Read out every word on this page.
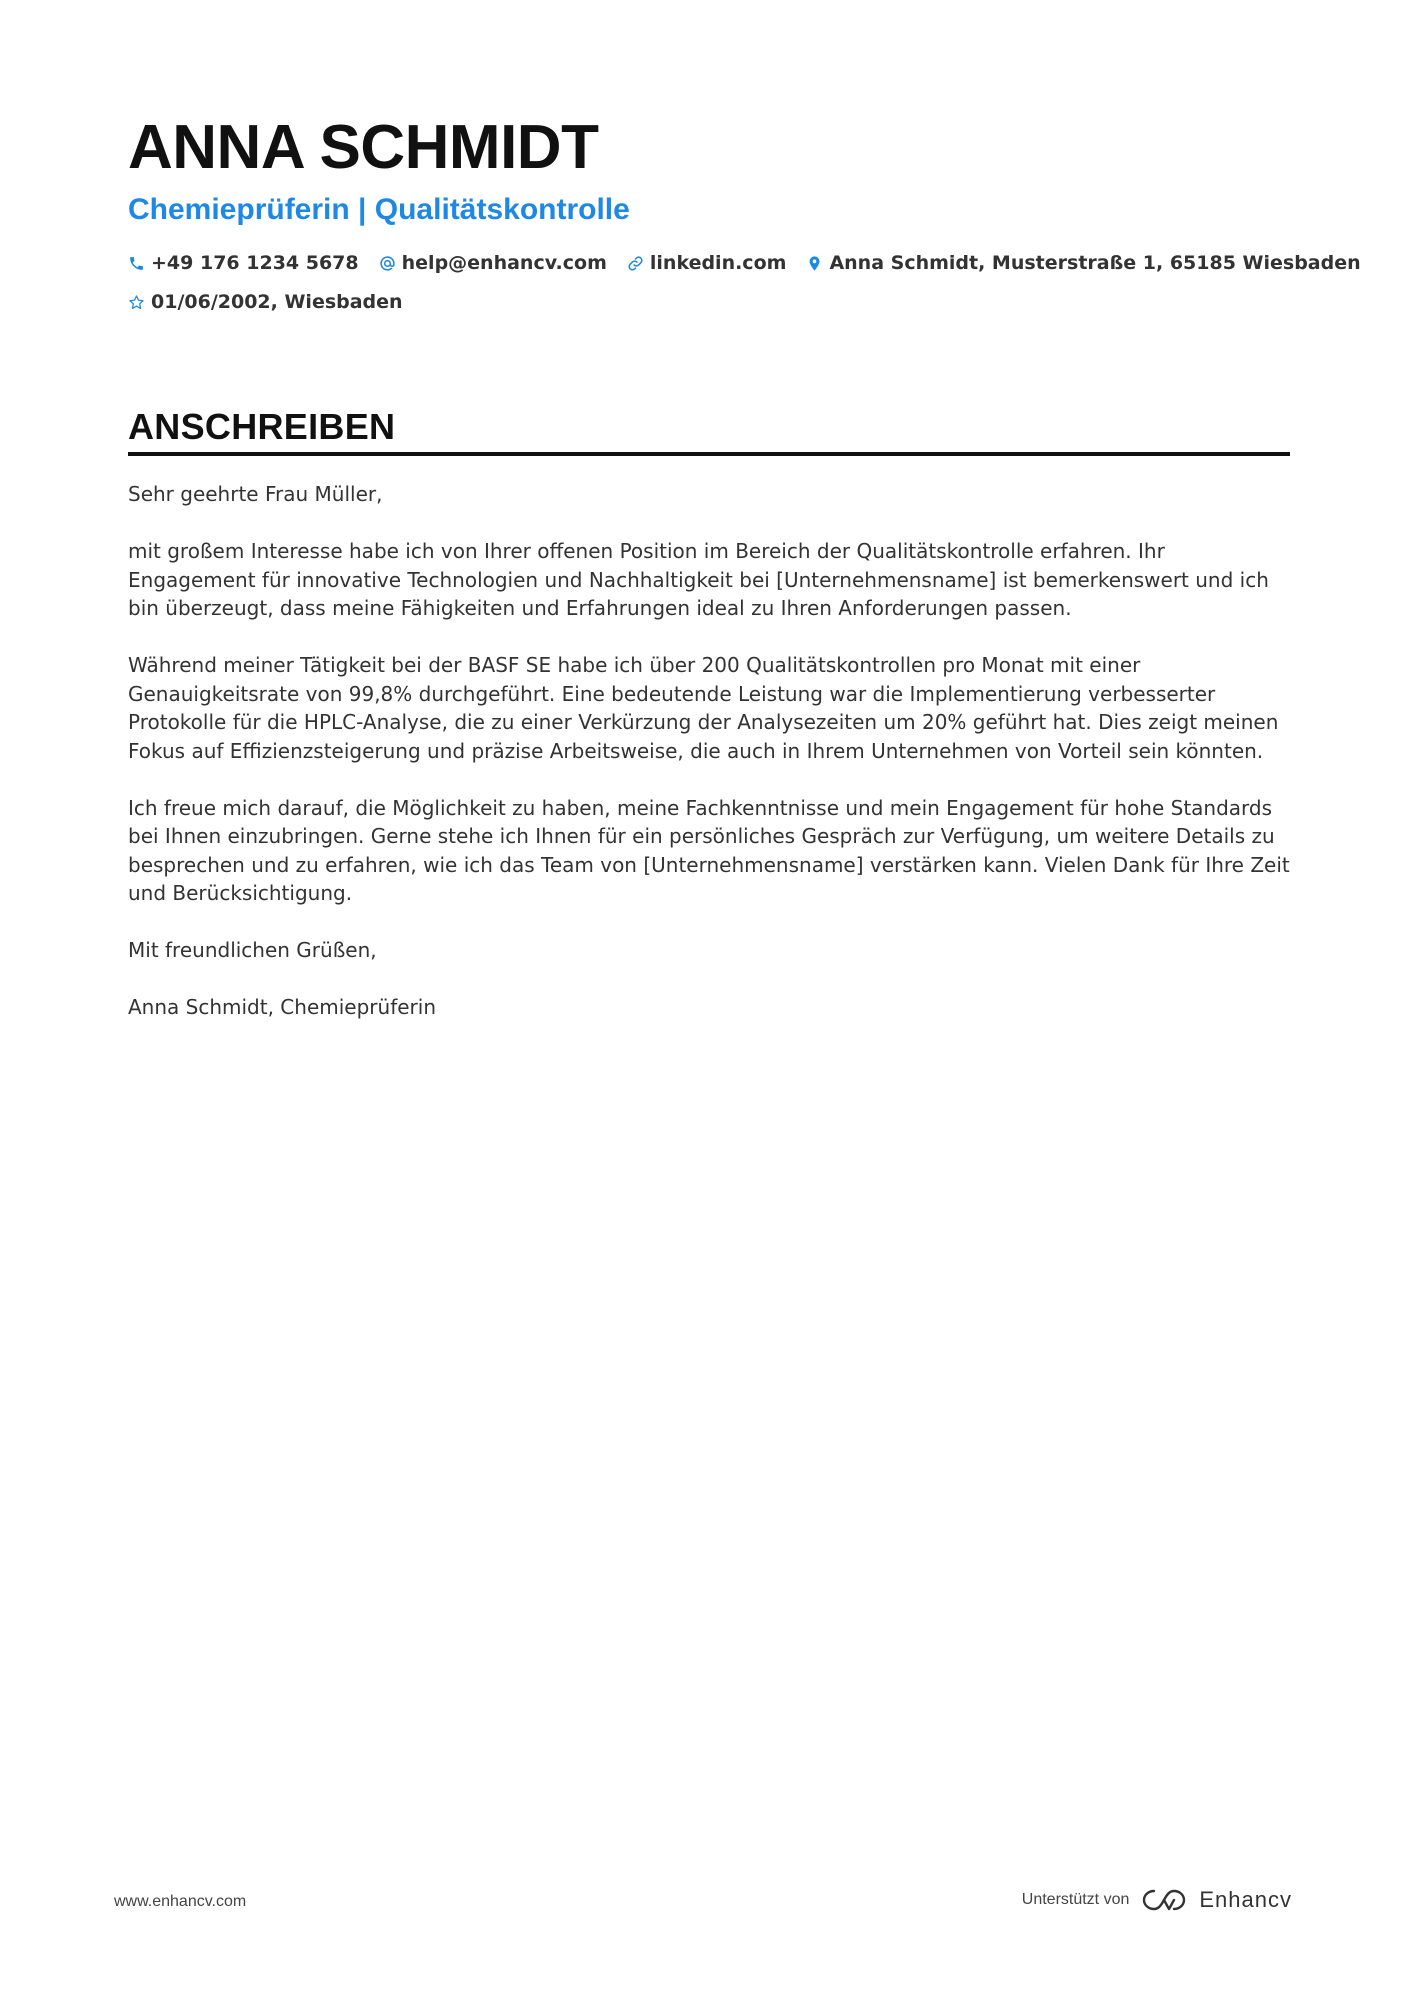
ANNA SCHMIDT
Chemieprüferin | Qualitätskontrolle
+49 176 1234 5678 help@enhancv.com linkedin.com Anna Schmidt, Musterstraße 1, 65185 Wiesbaden
01/06/2002, Wiesbaden
ANSCHREIBEN

Sehr geehrte Frau Müller,

mit großem Interesse habe ich von Ihrer offenen Position im Bereich der Qualitätskontrolle erfahren. Ihr Engagement für innovative Technologien und Nachhaltigkeit bei [Unternehmensname] ist bemerkenswert und ich bin überzeugt, dass meine Fähigkeiten und Erfahrungen ideal zu Ihren Anforderungen passen.

Während meiner Tätigkeit bei der BASF SE habe ich über 200 Qualitätskontrollen pro Monat mit einer Genauigkeitsrate von 99,8% durchgeführt. Eine bedeutende Leistung war die Implementierung verbesserter Protokolle für die HPLC-Analyse, die zu einer Verkürzung der Analysezeiten um 20% geführt hat. Dies zeigt meinen Fokus auf Effizienzsteigerung und präzise Arbeitsweise, die auch in Ihrem Unternehmen von Vorteil sein könnten.

Ich freue mich darauf, die Möglichkeit zu haben, meine Fachkenntnisse und mein Engagement für hohe Standards bei Ihnen einzubringen. Gerne stehe ich Ihnen für ein persönliches Gespräch zur Verfügung, um weitere Details zu besprechen und zu erfahren, wie ich das Team von [Unternehmensname] verstärken kann. Vielen Dank für Ihre Zeit und Berücksichtigung.

Mit freundlichen Grüßen,

Anna Schmidt, Chemieprüferin

www.enhancv.com	Unterstützt von	Enhancv
